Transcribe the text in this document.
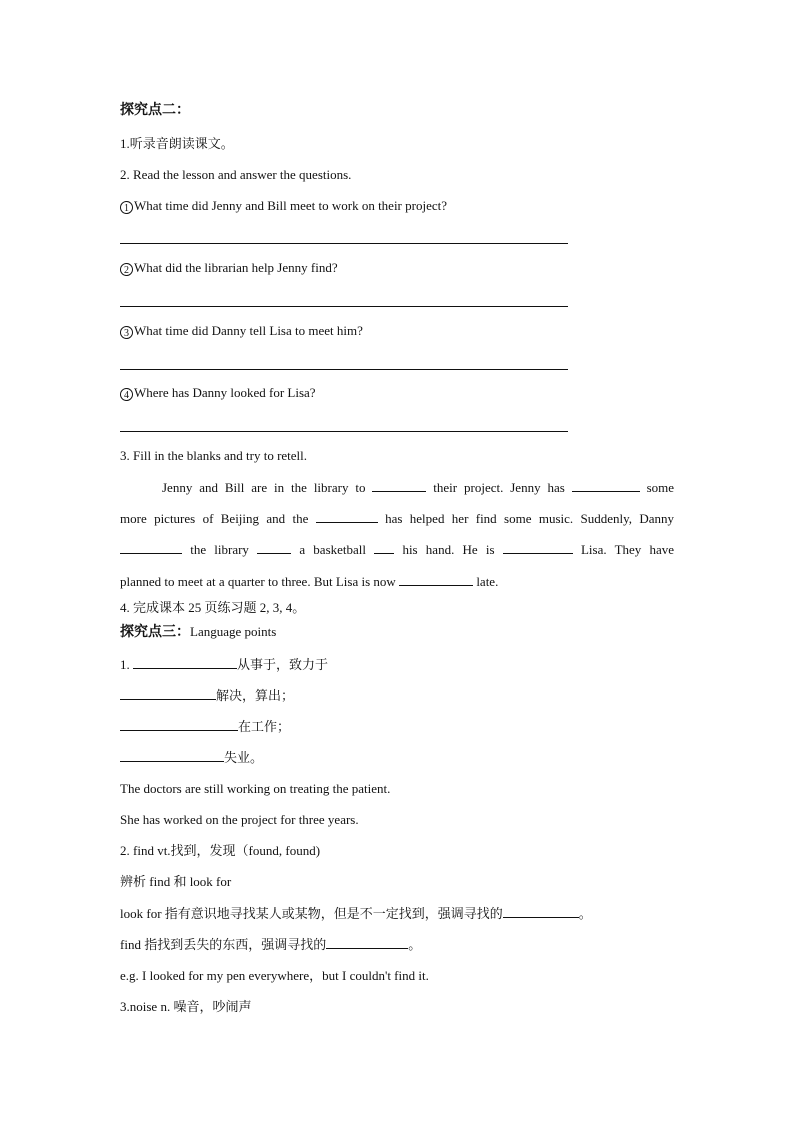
探究点二：
1.听录音朗读课文。
2. Read the lesson and answer the questions.
1 What time did Jenny and Bill meet to work on their project?
2 What did the librarian help Jenny find?
3 What time did Danny tell Lisa to meet him?
4 Where has Danny looked for Lisa?
3. Fill in the blanks and try to retell.
Jenny and Bill are in the library to	their project. Jenny has	some
more pictures of Beijing and the	has helped her find some music. Suddenly, Danny
the library	a basketball	his hand. He is	Lisa. They have
planned to meet at a quarter to three. But Lisa is now	late.
4. 完成课本 25 页练习题 2, 3, 4。
探究点三：Language points
1.	从事于，致力于
解决，算出；
在工作；
失业。
The doctors are still working on treating the patient.
She has worked on the project for three years.
2. find vt.找到，发现（found, found)
辨析 find 和 look for
look for 指有意识地寻找某人或某物，但是不一定找到，强调寻找的	。
find 指找到丢失的东西，强调寻找的	。
e.g. I looked for my pen everywhere，but I couldn't find it.
3.noise n. 噪音，吵闹声
